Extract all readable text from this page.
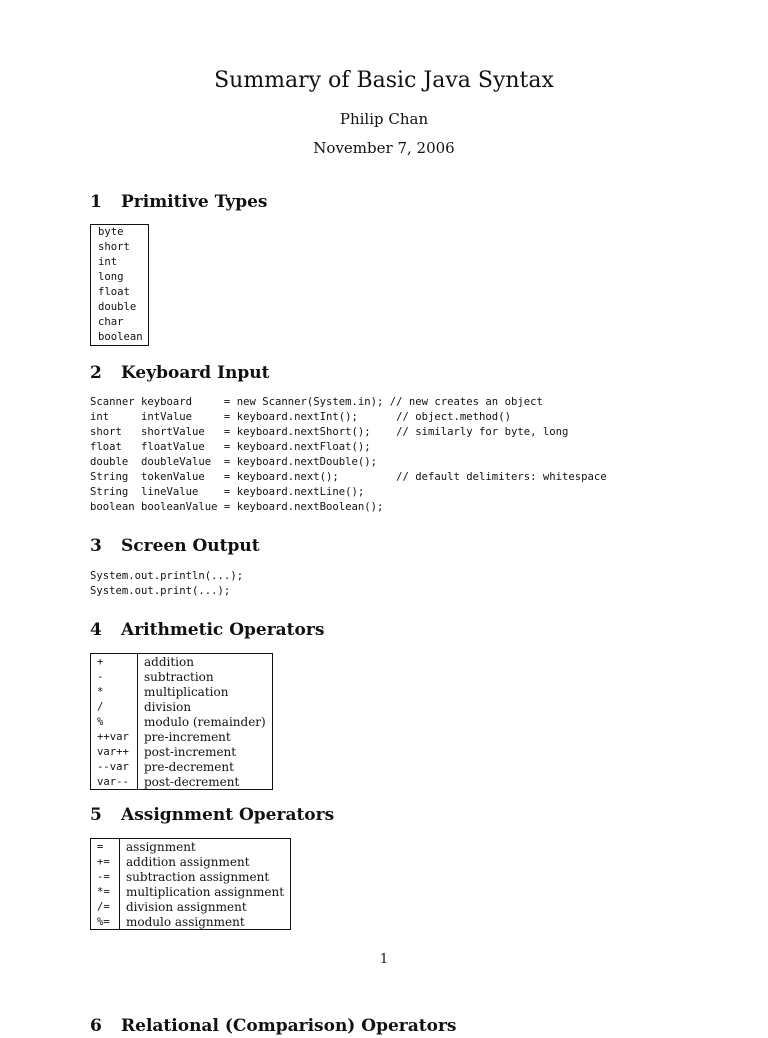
Summary of Basic Java Syntax
Philip Chan
November 7, 2006
1 Primitive Types
byte
short
int
long
float
double
char
boolean
2 Keyboard Input
Scanner keyboard     = new Scanner(System.in); // new creates an object
int     intValue     = keyboard.nextInt();      // object.method()
short   shortValue   = keyboard.nextShort();    // similarly for byte, long
float   floatValue   = keyboard.nextFloat();
double  doubleValue  = keyboard.nextDouble();
String  tokenValue   = keyboard.next();         // default delimiters: whitespace
String  lineValue    = keyboard.nextLine();
boolean booleanValue = keyboard.nextBoolean();
3 Screen Output
System.out.println(...);
System.out.print(...);
4 Arithmetic Operators
+	addition
-	subtraction
*	multiplication
/	division
%	modulo (remainder)
++var	pre-increment
var++	post-increment
--var	pre-decrement
var--	post-decrement
5 Assignment Operators
=	assignment
+=	addition assignment
-=	subtraction assignment
*=	multiplication assignment
/=	division assignment
%=	modulo assignment
1
6 Relational (Comparison) Operators
